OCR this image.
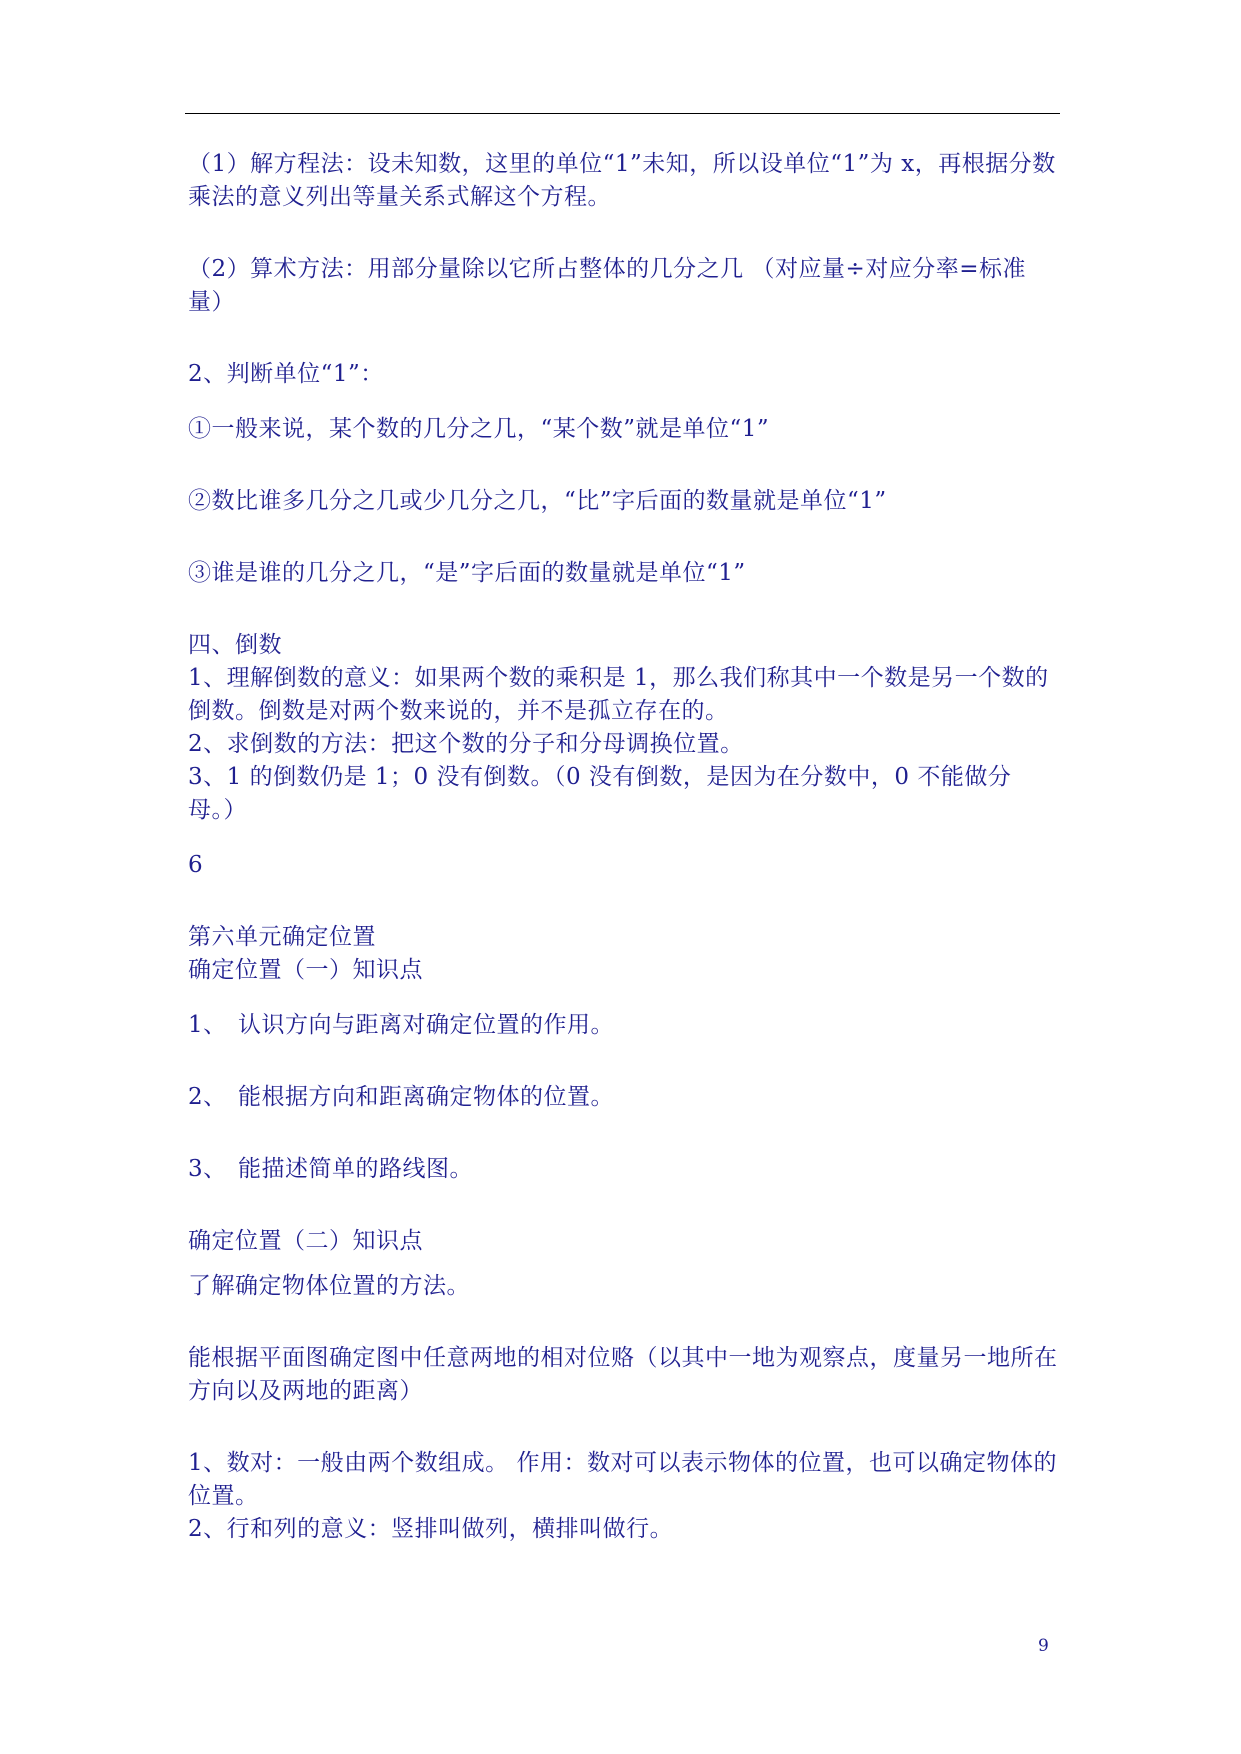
（1）解方程法：设未知数，这里的单位“1”未知，所以设单位“1”为 x，再根据分数乘法的意义列出等量关系式解这个方程。

（2）算术方法：用部分量除以它所占整体的几分之几 （对应量÷对应分率=标准量）

2、判断单位“1”：

①一般来说，某个数的几分之几，“某个数”就是单位“1”

②数比谁多几分之几或少几分之几，“比”字后面的数量就是单位“1”

③谁是谁的几分之几，“是”字后面的数量就是单位“1”

四、倒数

1、理解倒数的意义：如果两个数的乘积是 1，那么我们称其中一个数是另一个数的倒数。倒数是对两个数来说的，并不是孤立存在的。

2、求倒数的方法：把这个数的分子和分母调换位置。

3、1 的倒数仍是 1；0 没有倒数。（0 没有倒数，是因为在分数中，0 不能做分母。）

6

第六单元确定位置

确定位置（一）知识点

1、 认识方向与距离对确定位置的作用。

2、 能根据方向和距离确定物体的位置。

3、 能描述简单的路线图。

确定位置（二）知识点

了解确定物体位置的方法。

能根据平面图确定图中任意两地的相对位赂（以其中一地为观察点，度量另一地所在方向以及两地的距离）

1、数对：一般由两个数组成。 作用：数对可以表示物体的位置，也可以确定物体的位置。

2、行和列的意义：竖排叫做列，横排叫做行。

9
